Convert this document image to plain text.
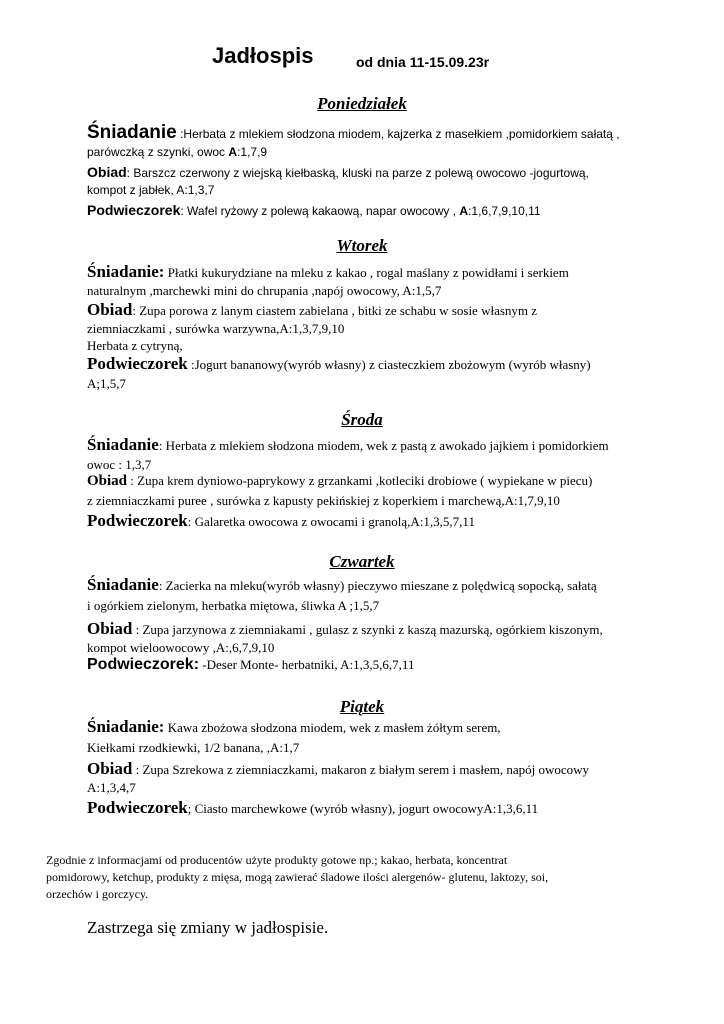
Jadłospis	od dnia 11-15.09.23r
Poniedziałek
Śniadanie :Herbata z mlekiem słodzona miodem, kajzerka z masełkiem ,pomidorkiem sałatą ,
parówczką z szynki, owoc A:1,7,9
Obiad: Barszcz czerwony z wiejską kiełbaską, kluski na parze z polewą owocowo -jogurtową,
kompot z jabłek, A:1,3,7
Podwieczorek: Wafel ryżowy z polewą kakaową, napar owocowy , A:1,6,7,9,10,11
Wtorek
Śniadanie: Płatki kukurydziane na mleku z kakao , rogal maślany z powidłami i serkiem
naturalnym ,marchewki mini do chrupania ,napój owocowy, A:1,5,7
Obiad: Zupa porowa z lanym ciastem zabielana , bitki ze schabu w sosie własnym z
ziemniaczkami , surówka warzywna,A:1,3,7,9,10
Herbata z cytryną,
Podwieczorek :Jogurt bananowy(wyrób własny) z ciasteczkiem zbożowym (wyrób własny)
A;1,5,7
Środa
Śniadanie: Herbata z mlekiem słodzona miodem, wek z pastą z awokado jajkiem i pomidorkiem
owoc : 1,3,7
Obiad : Zupa krem dyniowo-paprykowy z grzankami ,kotleciki drobiowe ( wypiekane w piecu)
z ziemniaczkami puree , surówka z kapusty pekińskiej z koperkiem i marchewą,A:1,7,9,10
Podwieczorek: Galaretka owocowa z owocami i granolą,A:1,3,5,7,11
Czwartek
Śniadanie: Zacierka na mleku(wyrób własny) pieczywo mieszane z polędwicą sopocką, sałatą
i ogórkiem zielonym, herbatka miętowa, śliwka A ;1,5,7
Obiad : Zupa jarzynowa z ziemniakami , gulasz z szynki z kaszą mazurską, ogórkiem kiszonym,
kompot wieloowocowy ,A:,6,7,9,10
Podwieczorek: -Deser Monte- herbatniki, A:1,3,5,6,7,11
Piątek
Śniadanie: Kawa zbożowa słodzona miodem, wek z masłem żółtym serem,
Kiełkami rzodkiewki, 1/2 banana, ,A:1,7
Obiad : Zupa Szrekowa z ziemniaczkami, makaron z białym serem i masłem, napój owocowy
A:1,3,4,7
Podwieczorek; Ciasto marchewkowe (wyrób własny), jogurt owocowyA:1,3,6,11
Zgodnie z informacjami od producentów użyte produkty gotowe np.; kakao, herbata, koncentrat
pomidorowy, ketchup, produkty z mięsa, mogą zawierać śladowe ilości alergenów- glutenu, laktozy, soi,
orzechów i gorczycy.
Zastrzega się zmiany w jadłospisie.
